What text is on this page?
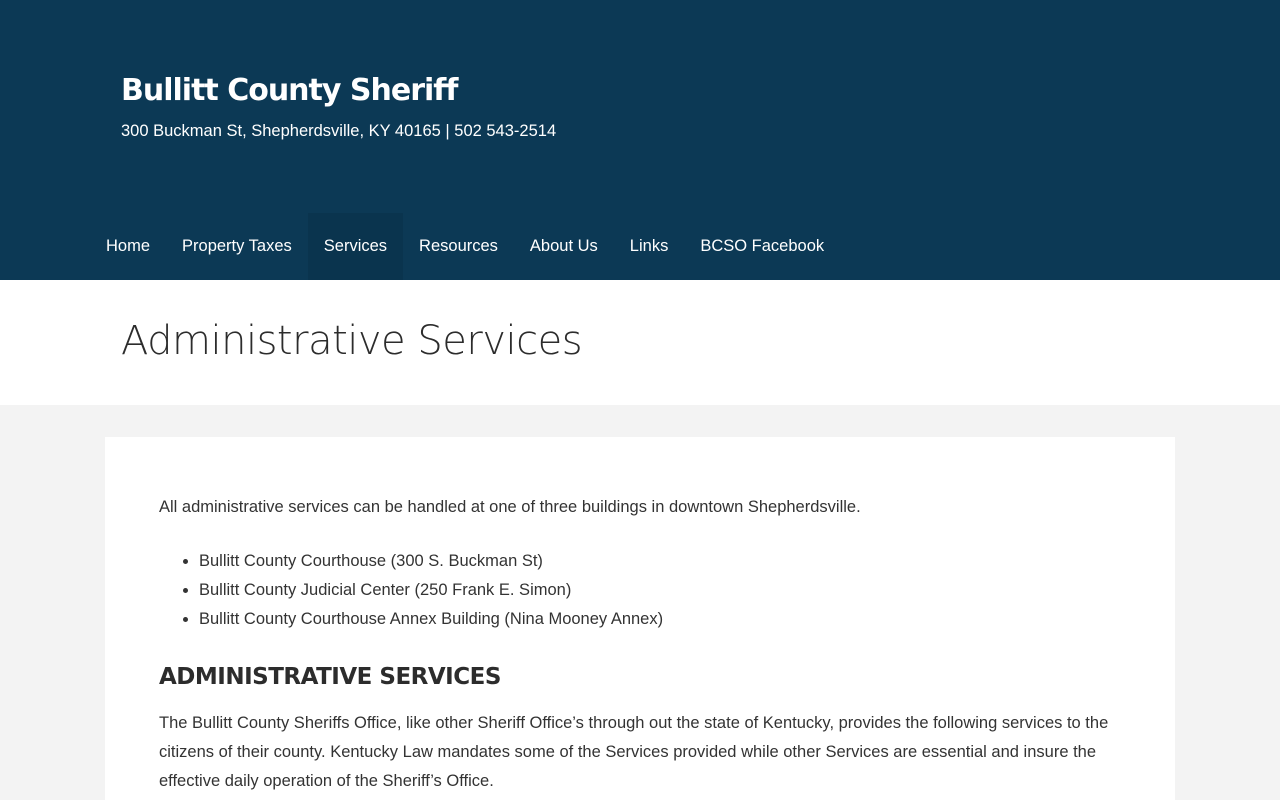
Bullitt County Sheriff
300 Buckman St, Shepherdsville, KY 40165 | 502 543-2514
Home	Property Taxes	Services	Resources	About Us	Links	BCSO Facebook
Administrative Services

All administrative services can be handled at one of three buildings in downtown Shepherdsville.

• Bullitt County Courthouse (300 S. Buckman St)
• Bullitt County Judicial Center (250 Frank E. Simon)
• Bullitt County Courthouse Annex Building (Nina Mooney Annex)
ADMINISTRATIVE SERVICES

The Bullitt County Sheriffs Office, like other Sheriff Office’s through out the state of Kentucky, provides the following services to the citizens of their county. Kentucky Law mandates some of the Services provided while other Services are essential and insure the effective daily operation of the Sheriff’s Office.
